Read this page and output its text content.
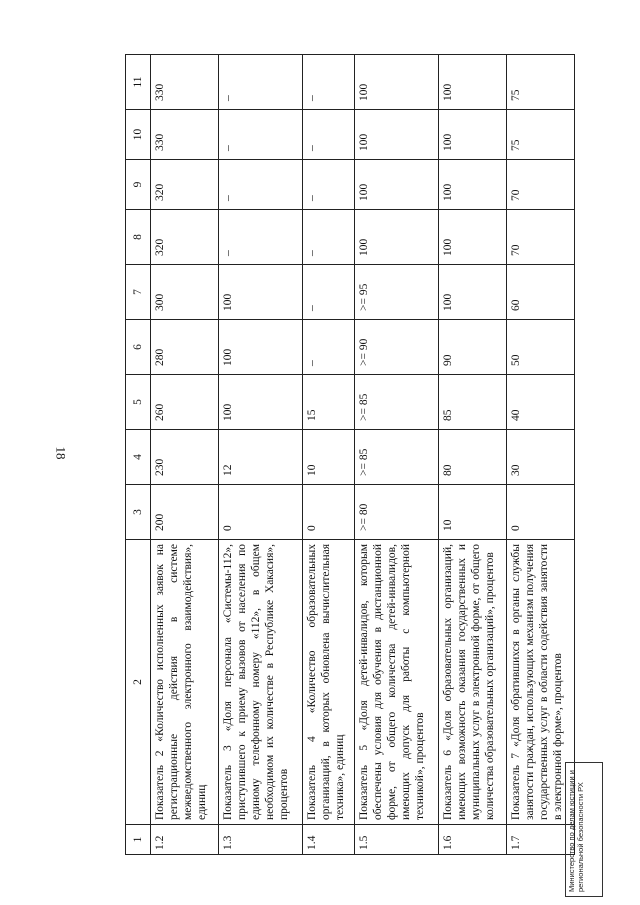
18
1	2	3	4	5	6	7	8	9	10	11
1.2	Показатель 2 «Количество исполненных заявок на регистрационные действия в системе межведомственного электронного взаимодействия», единиц	200	230	260	280	300	320	320	330	330
1.3	Показатель 3 «Доля персонала «Системы-112», приступившего к приему вызовов от населения по единому телефонному номеру «112», в общем необходимом их количестве в Республике Хакасия», процентов	0	12	100	100	100	–	–	–	–
1.4	Показатель 4 «Количество образовательных организаций, в которых обновлена вычислительная техника», единиц	0	10	15	–	–	–	–	–	–
1.5	Показатель 5 «Доля детей-инвалидов, которым обеспечены условия для обучения в дистанционной форме, от общего количества детей-инвалидов, имеющих допуск для работы с компьютерной техникой», процентов	>= 80	>= 85	>= 85	>= 90	>= 95	100	100	100	100
1.6	Показатель 6 «Доля образовательных организаций, имеющих возможность оказания государственных и муниципальных услуг в электронной форме, от общего количества образовательных организаций», процентов	10	80	85	90	100	100	100	100	100
1.7	Показатель 7 «Доля обратившихся в органы службы занятости граждан, использующих механизм получения государственных услуг в области содействия занятости в электронной форме», процентов	0	30	40	50	60	70	70	75	75
Министерство по делам юстиции и региональной безопасности РХ
